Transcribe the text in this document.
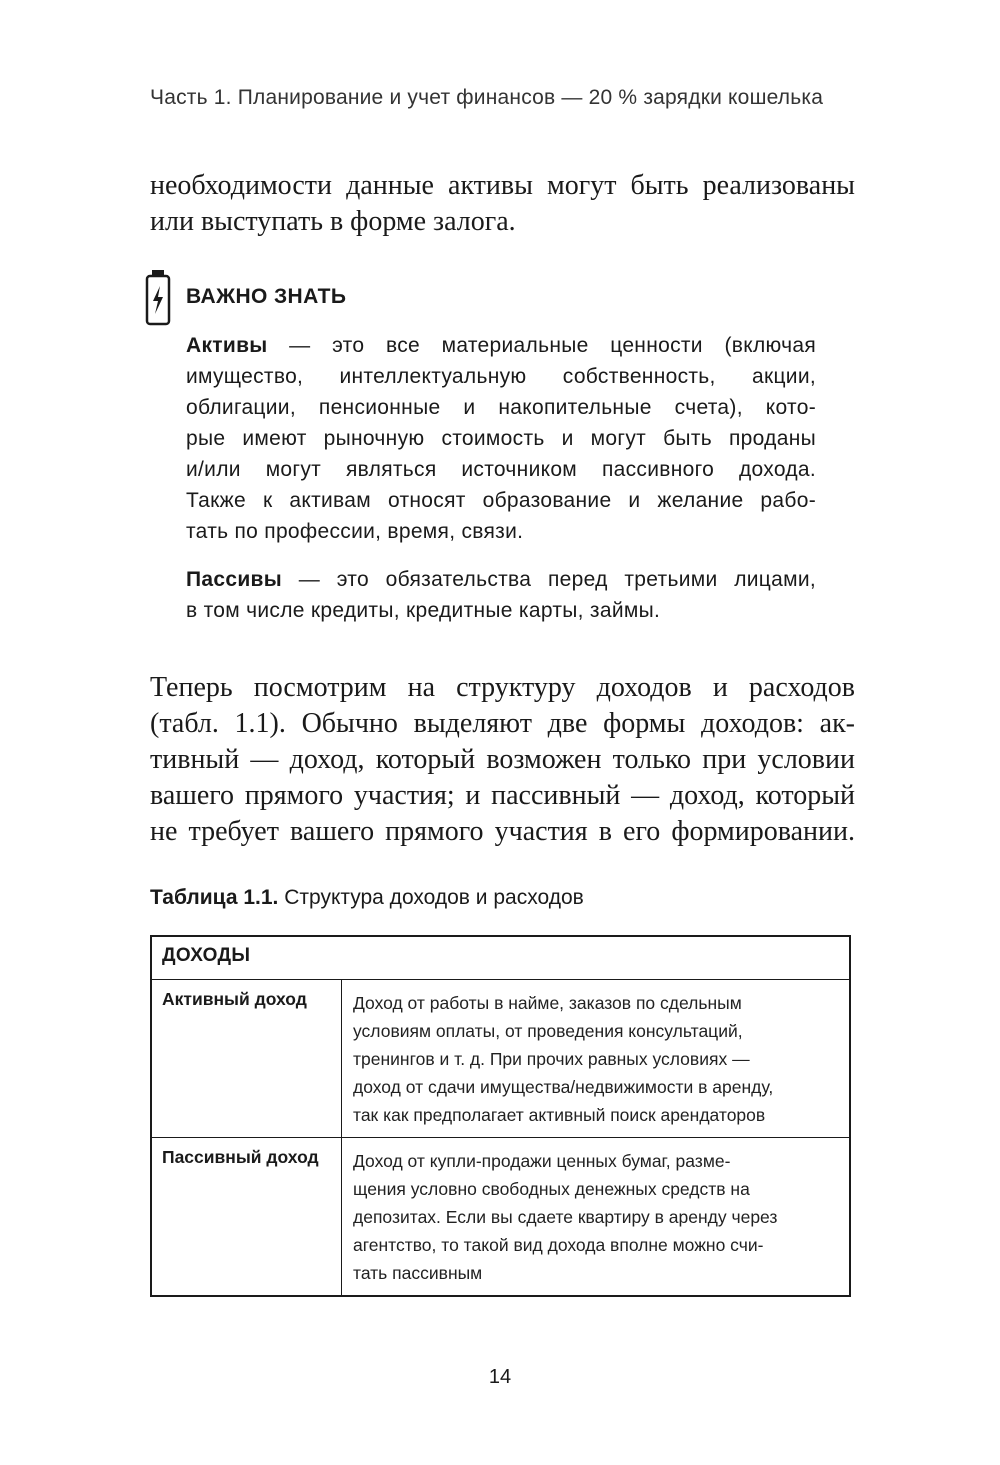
Часть 1. Планирование и учет финансов — 20 % зарядки кошелька
необходимости данные активы могут быть реализованы
или выступать в форме залога.
ВАЖНО ЗНАТЬ
Активы — это все материальные ценности (включая
имущество, интеллектуальную собственность, акции,
облигации, пенсионные и накопительные счета), кото-
рые имеют рыночную стоимость и могут быть проданы
и/или могут являться источником пассивного дохода.
Также к активам относят образование и желание рабо-
тать по профессии, время, связи.
Пассивы — это обязательства перед третьими лицами,
в том числе кредиты, кредитные карты, займы.
Теперь посмотрим на структуру доходов и расходов
(табл. 1.1). Обычно выделяют две формы доходов: ак-
тивный — доход, который возможен только при условии
вашего прямого участия; и пассивный — доход, который
не требует вашего прямого участия в его формировании.
Таблица 1.1. Структура доходов и расходов
ДОХОДЫ
Активный доход	Доход от работы в найме, заказов по сдельным
условиям оплаты, от проведения консультаций,
тренингов и т. д. При прочих равных условиях —
доход от сдачи имущества/недвижимости в аренду,
так как предполагает активный поиск арендаторов
Пассивный доход	Доход от купли-продажи ценных бумаг, разме-
щения условно свободных денежных средств на
депозитах. Если вы сдаете квартиру в аренду через
агентство, то такой вид дохода вполне можно счи-
тать пассивным
14
